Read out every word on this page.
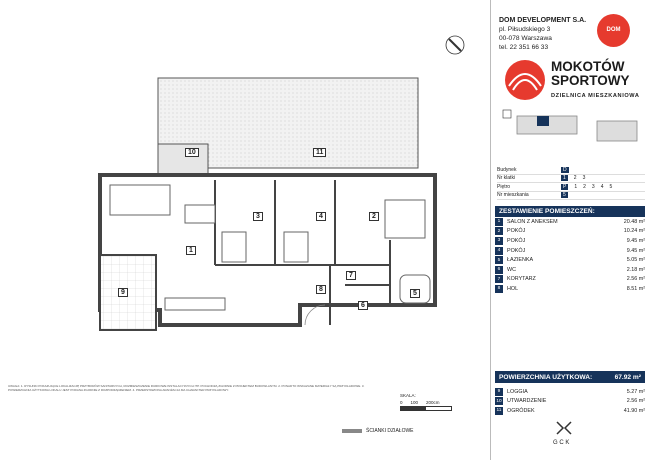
10	11
1
2
3	4
5
6
7
8
9
UWAGA: 1. RYSUNKI POKAZUJĄCE LOKALIZACJĘ PRZYBORÓW SANITARNYCH, ROZMIESZCZENIE RURKOWE INSTALACYJNYCH ITP. POCHODZĄ ZGODNIE Z PROJEKTEM BUDOWLANYM. 2. PONADTO WSKAZANE MATERIAŁY SĄ PRZYKŁADOWE. 3. POWIERZCHNIA UŻYTKOWA LOKALU JEST PODANA ZGODNIE Z ROZPORZĄDZENIEM. 4. PRZEDSTAWIONA ARANŻACJA MA CHARAKTER PRZYKŁADOWY.
SKALA:
0 100 200cm
ŚCIANKI DZIAŁOWE
DOM DEVELOPMENT S.A.
pl. Piłsudskiego 3
00-078 Warszawa
tel. 22 351 66 33
DOM
MOKOTÓW
SPORTOWY
DZIELNICA MIESZKANIOWA
Budynek	D
Nr klatki	1	2 3
Piętro	P	1 2 3 4 5
Nr mieszkania	5
ZESTAWIENIE POMIESZCZEŃ:
1	SALON Z ANEKSEM	20.48 m²
2	POKÓJ	10.24 m²
3	POKÓJ	9.45 m²
4	POKÓJ	9.45 m²
5	ŁAZIENKA	5.05 m²
6	WC	2.18 m²
7	KORYTARZ	2.56 m²
8	HOL	8.51 m²
POWIERZCHNIA UŻYTKOWA:	67.92 m²
9	LOGGIA	5.27 m²
10 UTWARDZENIE	2.56 m²
11 OGRÓDEK	41.90 m²
G C K
